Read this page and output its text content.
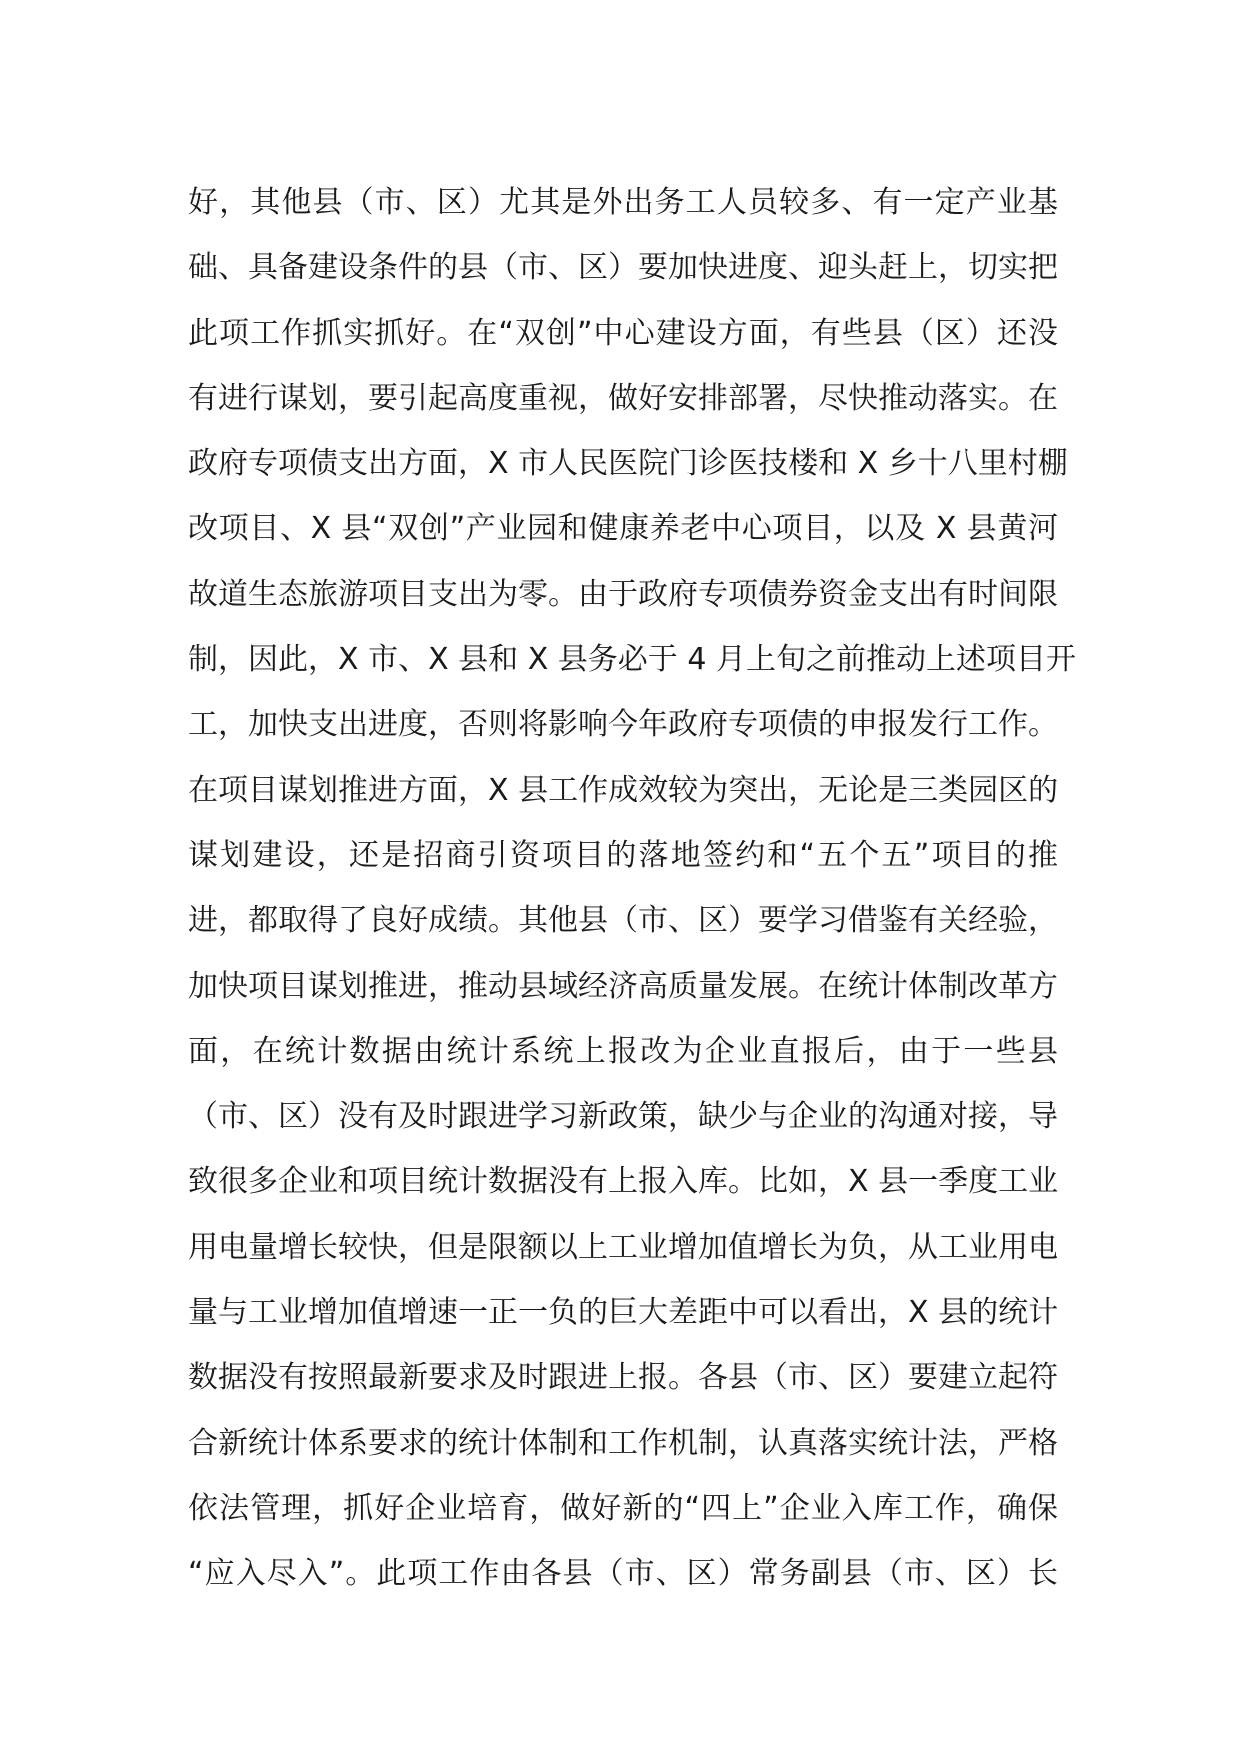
好，其他县（市、区）尤其是外出务工人员较多、有一定产业基
础、具备建设条件的县（市、区）要加快进度、迎头赶上，切实把
此项工作抓实抓好。在“双创”中心建设方面，有些县（区）还没
有进行谋划，要引起高度重视，做好安排部署，尽快推动落实。在
政府专项债支出方面，X 市人民医院门诊医技楼和 X 乡十八里村棚
改项目、X 县“双创”产业园和健康养老中心项目，以及 X 县黄河
故道生态旅游项目支出为零。由于政府专项债券资金支出有时间限
制，因此，X 市、X 县和 X 县务必于 4 月上旬之前推动上述项目开
工，加快支出进度，否则将影响今年政府专项债的申报发行工作。
在项目谋划推进方面，X 县工作成效较为突出，无论是三类园区的
谋划建设，还是招商引资项目的落地签约和“五个五”项目的推
进，都取得了良好成绩。其他县（市、区）要学习借鉴有关经验，
加快项目谋划推进，推动县域经济高质量发展。在统计体制改革方
面，在统计数据由统计系统上报改为企业直报后，由于一些县
（市、区）没有及时跟进学习新政策，缺少与企业的沟通对接，导
致很多企业和项目统计数据没有上报入库。比如，X 县一季度工业
用电量增长较快，但是限额以上工业增加值增长为负，从工业用电
量与工业增加值增速一正一负的巨大差距中可以看出，X 县的统计
数据没有按照最新要求及时跟进上报。各县（市、区）要建立起符
合新统计体系要求的统计体制和工作机制，认真落实统计法，严格
依法管理，抓好企业培育，做好新的“四上”企业入库工作，确保
“应入尽入”。此项工作由各县（市、区）常务副县（市、区）长
